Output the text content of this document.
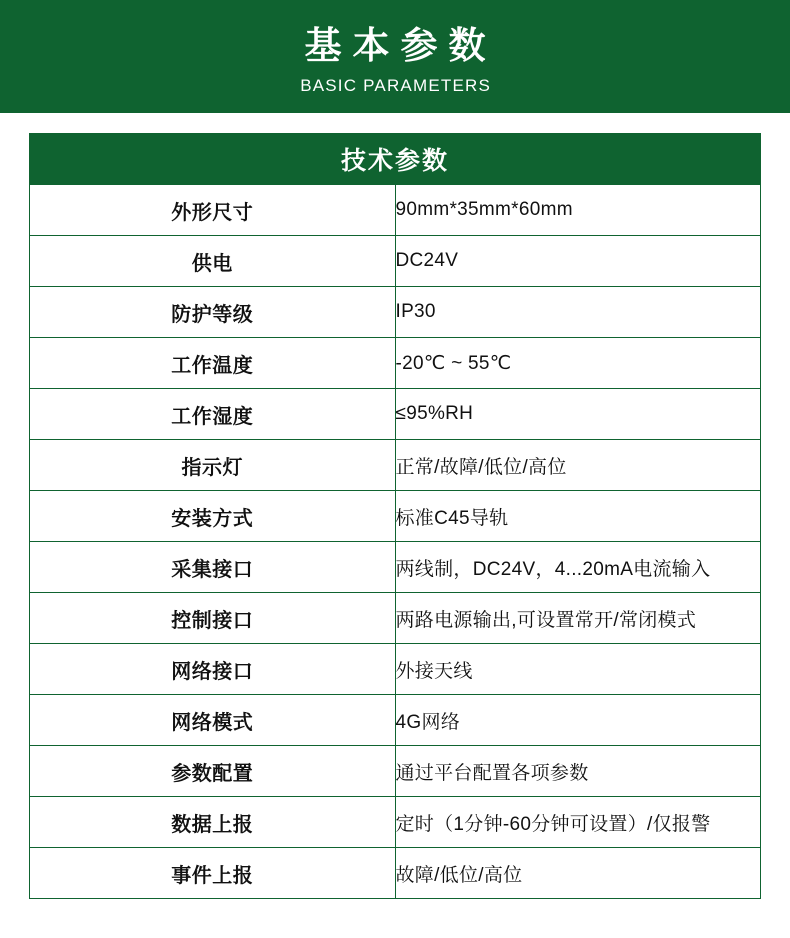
基本参数
BASIC PARAMETERS
技术参数	
外形尺寸	90mm*35mm*60mm
供电	DC24V
防护等级	IP30
工作温度	-20℃ ~ 55℃
工作湿度	≤95%RH
指示灯	正常/故障/低位/高位
安装方式	标准C45导轨
采集接口	两线制，DC24V，4...20mA电流输入
控制接口	两路电源输出,可设置常开/常闭模式
网络接口	外接天线
网络模式	4G网络
参数配置	通过平台配置各项参数
数据上报	定时（1分钟-60分钟可设置）/仅报警
事件上报	故障/低位/高位
